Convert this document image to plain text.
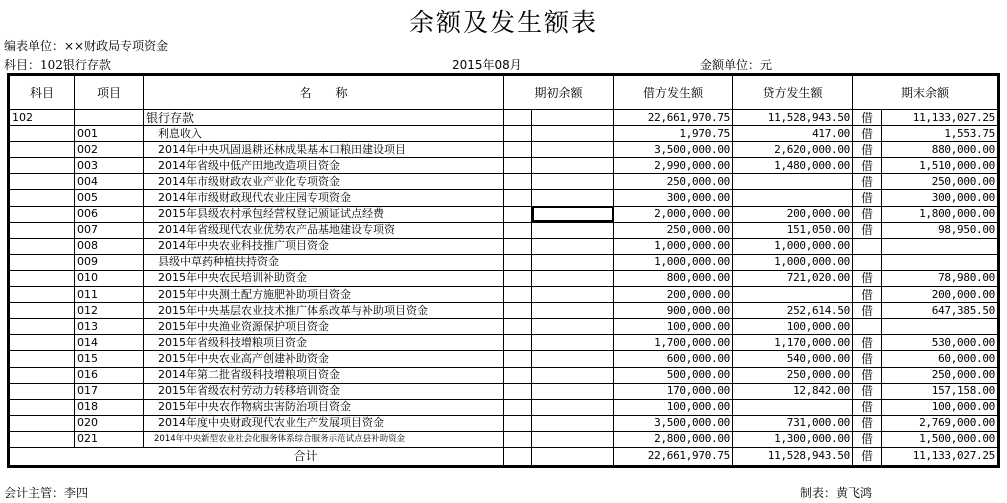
余额及发生额表
编表单位：××财政局专项资金
科目：102银行存款	2015年08月	金额单位：元
科目	项目	名　　称	期初余额		借方发生额	贷方发生额	期末余额	
102		银行存款			22,661,970.75	11,528,943.50	借	11,133,027.25
	001	利息收入			1,970.75	417.00	借	1,553.75
	002	2014年中央巩固退耕还林成果基本口粮田建设项目			3,500,000.00	2,620,000.00	借	880,000.00
	003	2014年省级中低产田地改造项目资金			2,990,000.00	1,480,000.00	借	1,510,000.00
	004	2014年市级财政农业产业化专项资金			250,000.00		借	250,000.00
	005	2014年市级财政现代农业庄园专项资金			300,000.00		借	300,000.00
	006	2015年县级农村承包经营权登记颁证试点经费			2,000,000.00	200,000.00	借	1,800,000.00
	007	2014年省级现代农业优势农产品基地建设专项资			250,000.00	151,050.00	借	98,950.00
	008	2014年中央农业科技推广项目资金			1,000,000.00	1,000,000.00		
	009	县级中草药种植扶持资金			1,000,000.00	1,000,000.00		
	010	2015年中央农民培训补助资金			800,000.00	721,020.00	借	78,980.00
	011	2015年中央测土配方施肥补助项目资金			200,000.00		借	200,000.00
	012	2015年中央基层农业技术推广体系改革与补助项目资金			900,000.00	252,614.50	借	647,385.50
	013	2015年中央渔业资源保护项目资金			100,000.00	100,000.00		
	014	2015年省级科技增粮项目资金			1,700,000.00	1,170,000.00	借	530,000.00
	015	2015年中央农业高产创建补助资金			600,000.00	540,000.00	借	60,000.00
	016	2014年第二批省级科技增粮项目资金			500,000.00	250,000.00	借	250,000.00
	017	2015年省级农村劳动力转移培训资金			170,000.00	12,842.00	借	157,158.00
	018	2015年中央农作物病虫害防治项目资金			100,000.00		借	100,000.00
	020	2014年度中央财政现代农业生产发展项目资金			3,500,000.00	731,000.00	借	2,769,000.00
	021	2014年中央新型农业社会化服务体系综合服务示范试点县补助资金			2,800,000.00	1,300,000.00	借	1,500,000.00
合计					22,661,970.75	11,528,943.50	借	11,133,027.25
会计主管：李四	制表：黄飞鸿
